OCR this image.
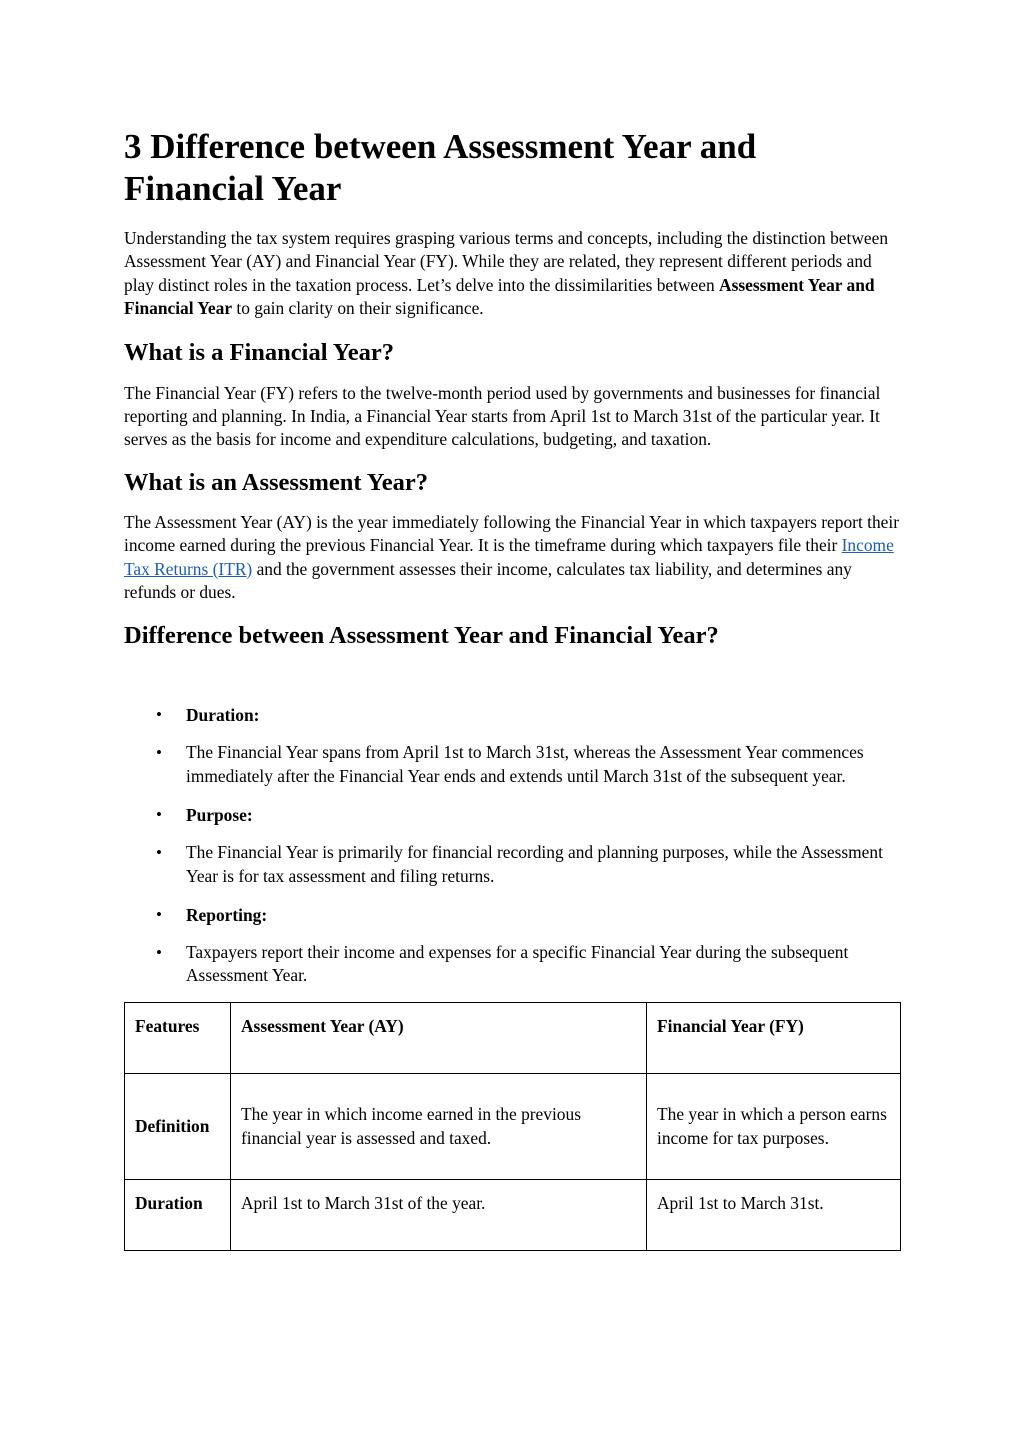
3 Difference between Assessment Year and Financial Year

Understanding the tax system requires grasping various terms and concepts, including the distinction between Assessment Year (AY) and Financial Year (FY). While they are related, they represent different periods and play distinct roles in the taxation process. Let’s delve into the dissimilarities between Assessment Year and Financial Year to gain clarity on their significance.

What is a Financial Year?

The Financial Year (FY) refers to the twelve-month period used by governments and businesses for financial reporting and planning. In India, a Financial Year starts from April 1st to March 31st of the particular year. It serves as the basis for income and expenditure calculations, budgeting, and taxation.

What is an Assessment Year?

The Assessment Year (AY) is the year immediately following the Financial Year in which taxpayers report their income earned during the previous Financial Year. It is the timeframe during which taxpayers file their Income Tax Returns (ITR) and the government assesses their income, calculates tax liability, and determines any refunds or dues.

Difference between Assessment Year and Financial Year?
• Duration:
• The Financial Year spans from April 1st to March 31st, whereas the Assessment Year commences immediately after the Financial Year ends and extends until March 31st of the subsequent year.
• Purpose:
• The Financial Year is primarily for financial recording and planning purposes, while the Assessment Year is for tax assessment and filing returns.
• Reporting:
• Taxpayers report their income and expenses for a specific Financial Year during the subsequent Assessment Year.
Features	Assessment Year (AY)	Financial Year (FY)
Definition	The year in which income earned in the previous financial year is assessed and taxed.	The year in which a person earns income for tax purposes.
Duration	April 1st to March 31st of the year.	April 1st to March 31st.
